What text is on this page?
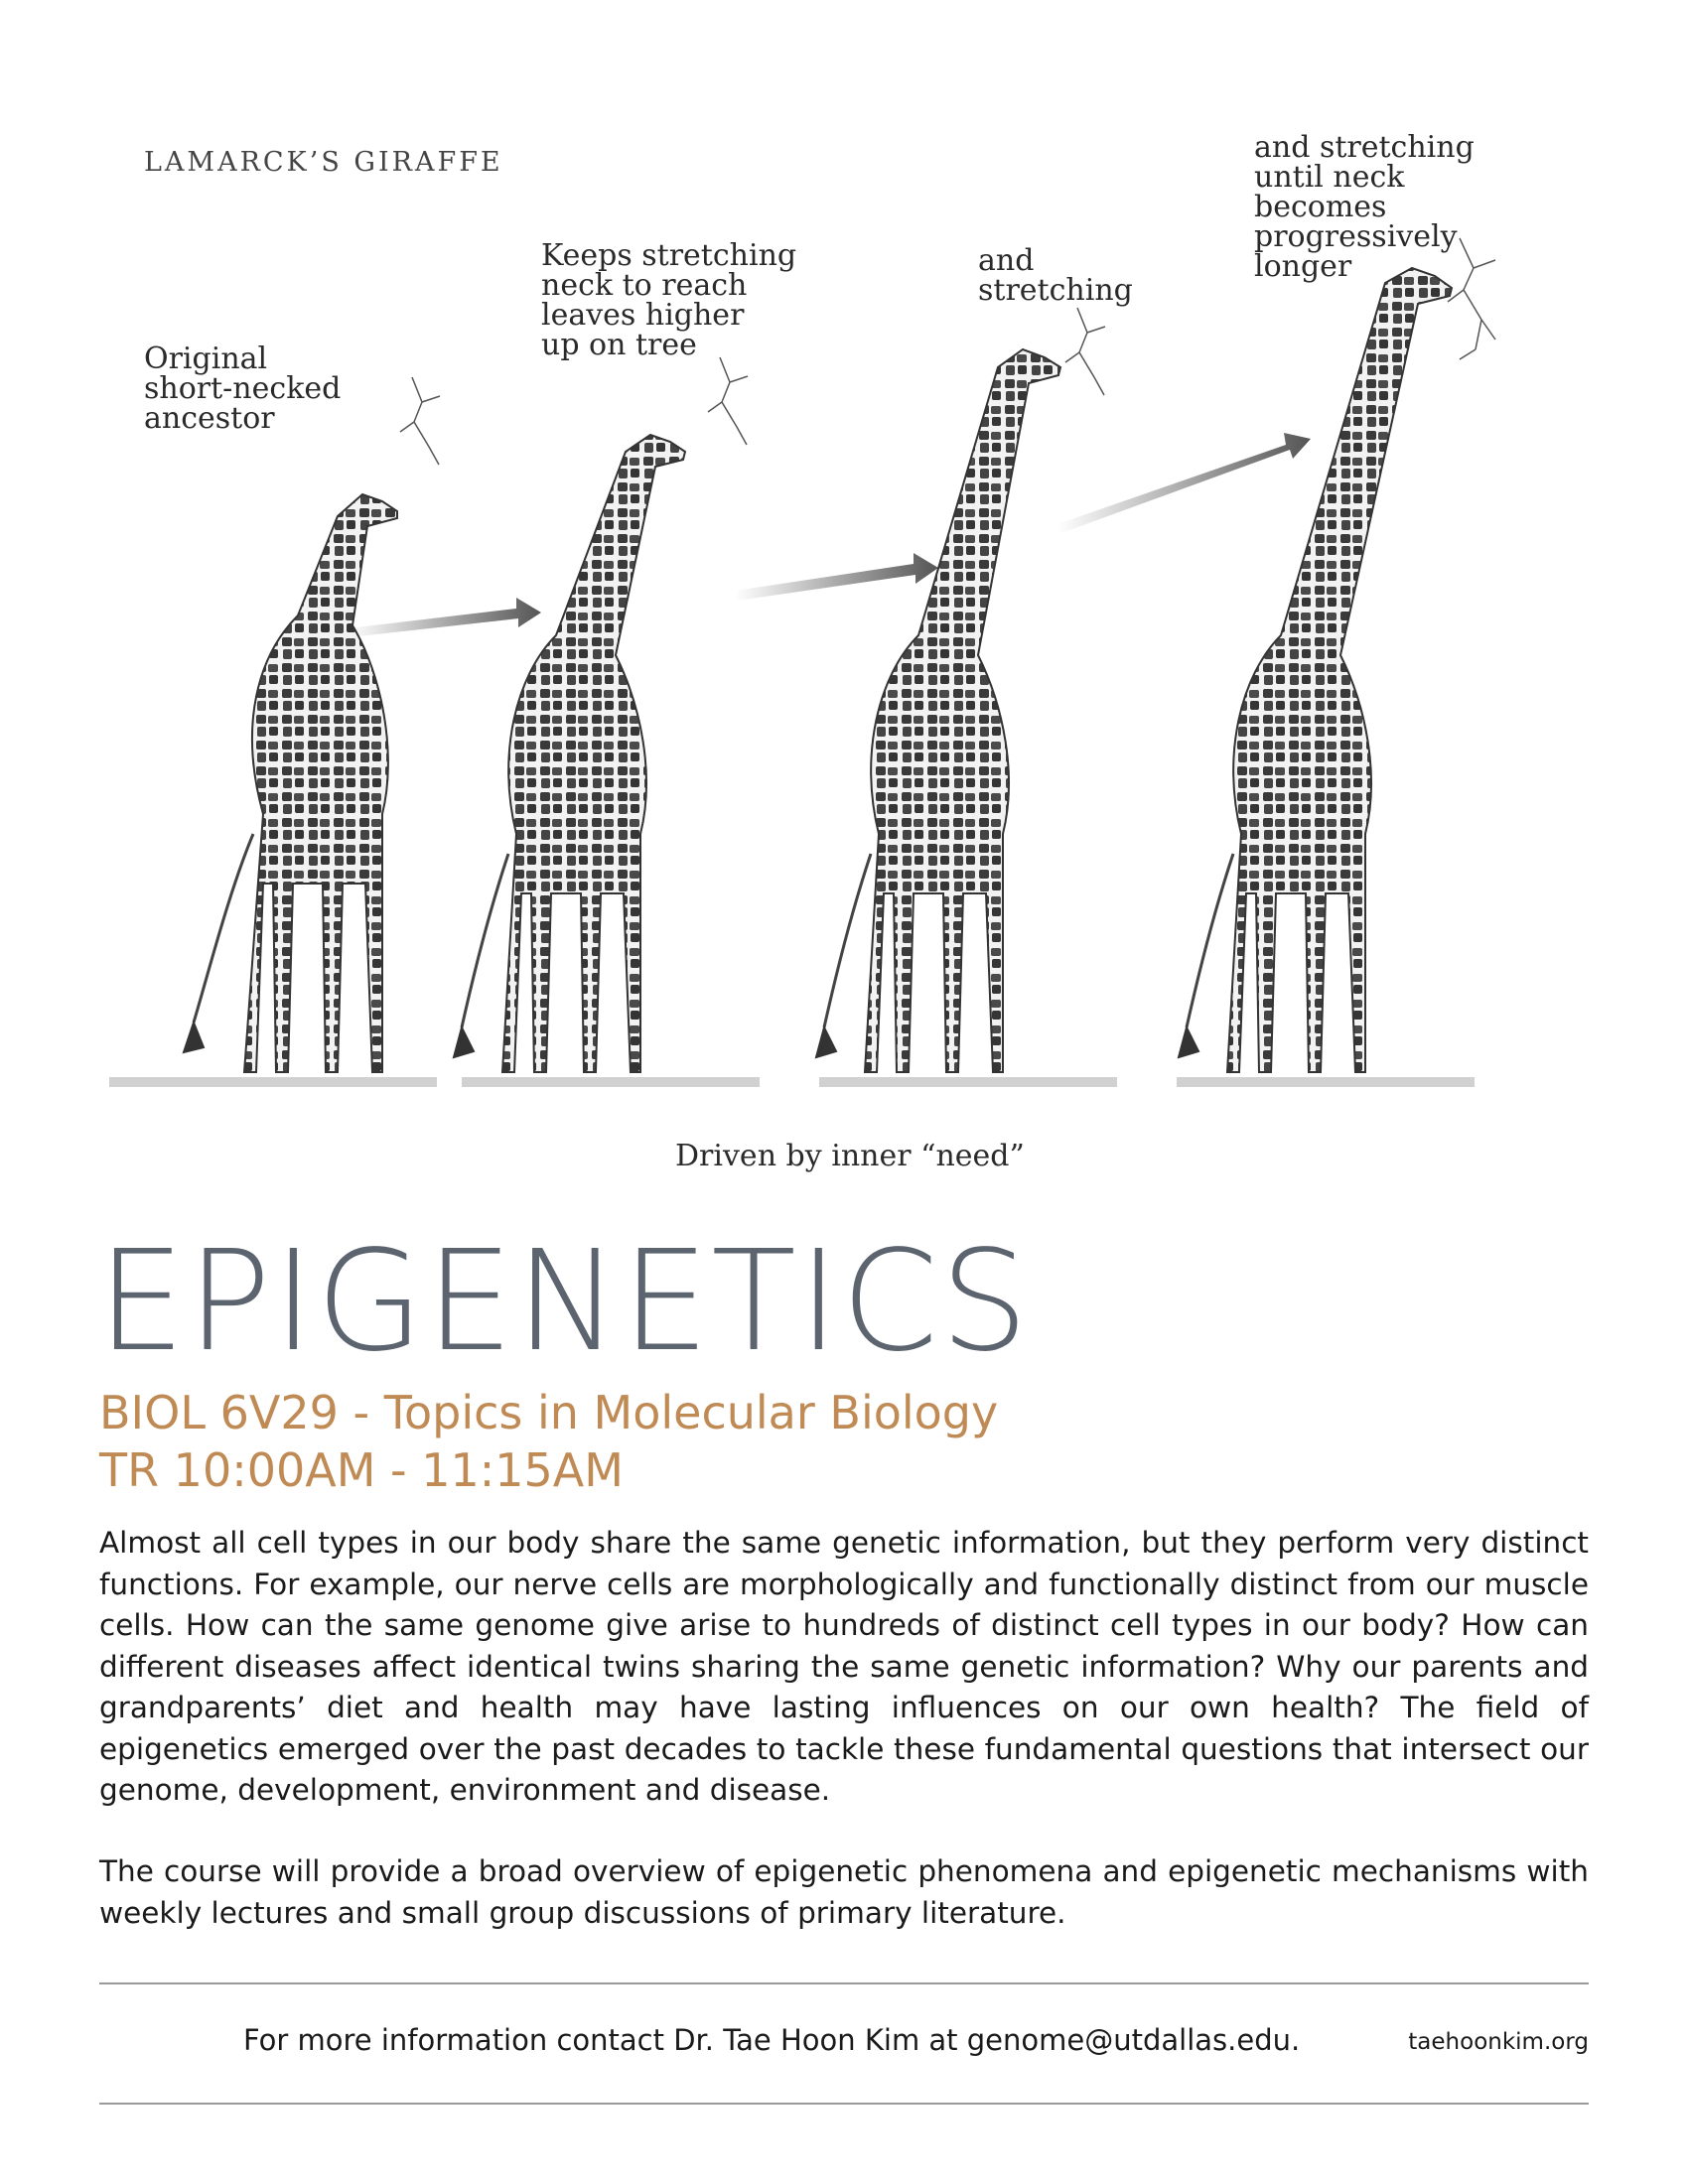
LAMARCK’S GIRAFFE
Original
short-necked
ancestor
Keeps stretching
neck to reach
leaves higher
up on tree
and
stretching
and stretching
until neck
becomes
progressively
longer
Driven by inner “need”
EPIGENETICS
BIOL 6V29 - Topics in Molecular Biology
TR 10:00AM - 11:15AM
Almost all cell types in our body share the same genetic information, but they perform very distinct functions. For example, our nerve cells are morphologically and functionally distinct from our muscle cells. How can the same genome give arise to hundreds of distinct cell types in our body? How can different diseases affect identical twins sharing the same genetic information? Why our parents and grandparents’ diet and health may have lasting influences on our own health? The field of epigenetics emerged over the past decades to tackle these fundamental questions that intersect our genome, development, environment and disease.
The course will provide a broad overview of epigenetic phenomena and epigenetic mechanisms with weekly lectures and small group discussions of primary literature.
For more information contact Dr. Tae Hoon Kim at genome@utdallas.edu.	taehoonkim.org
